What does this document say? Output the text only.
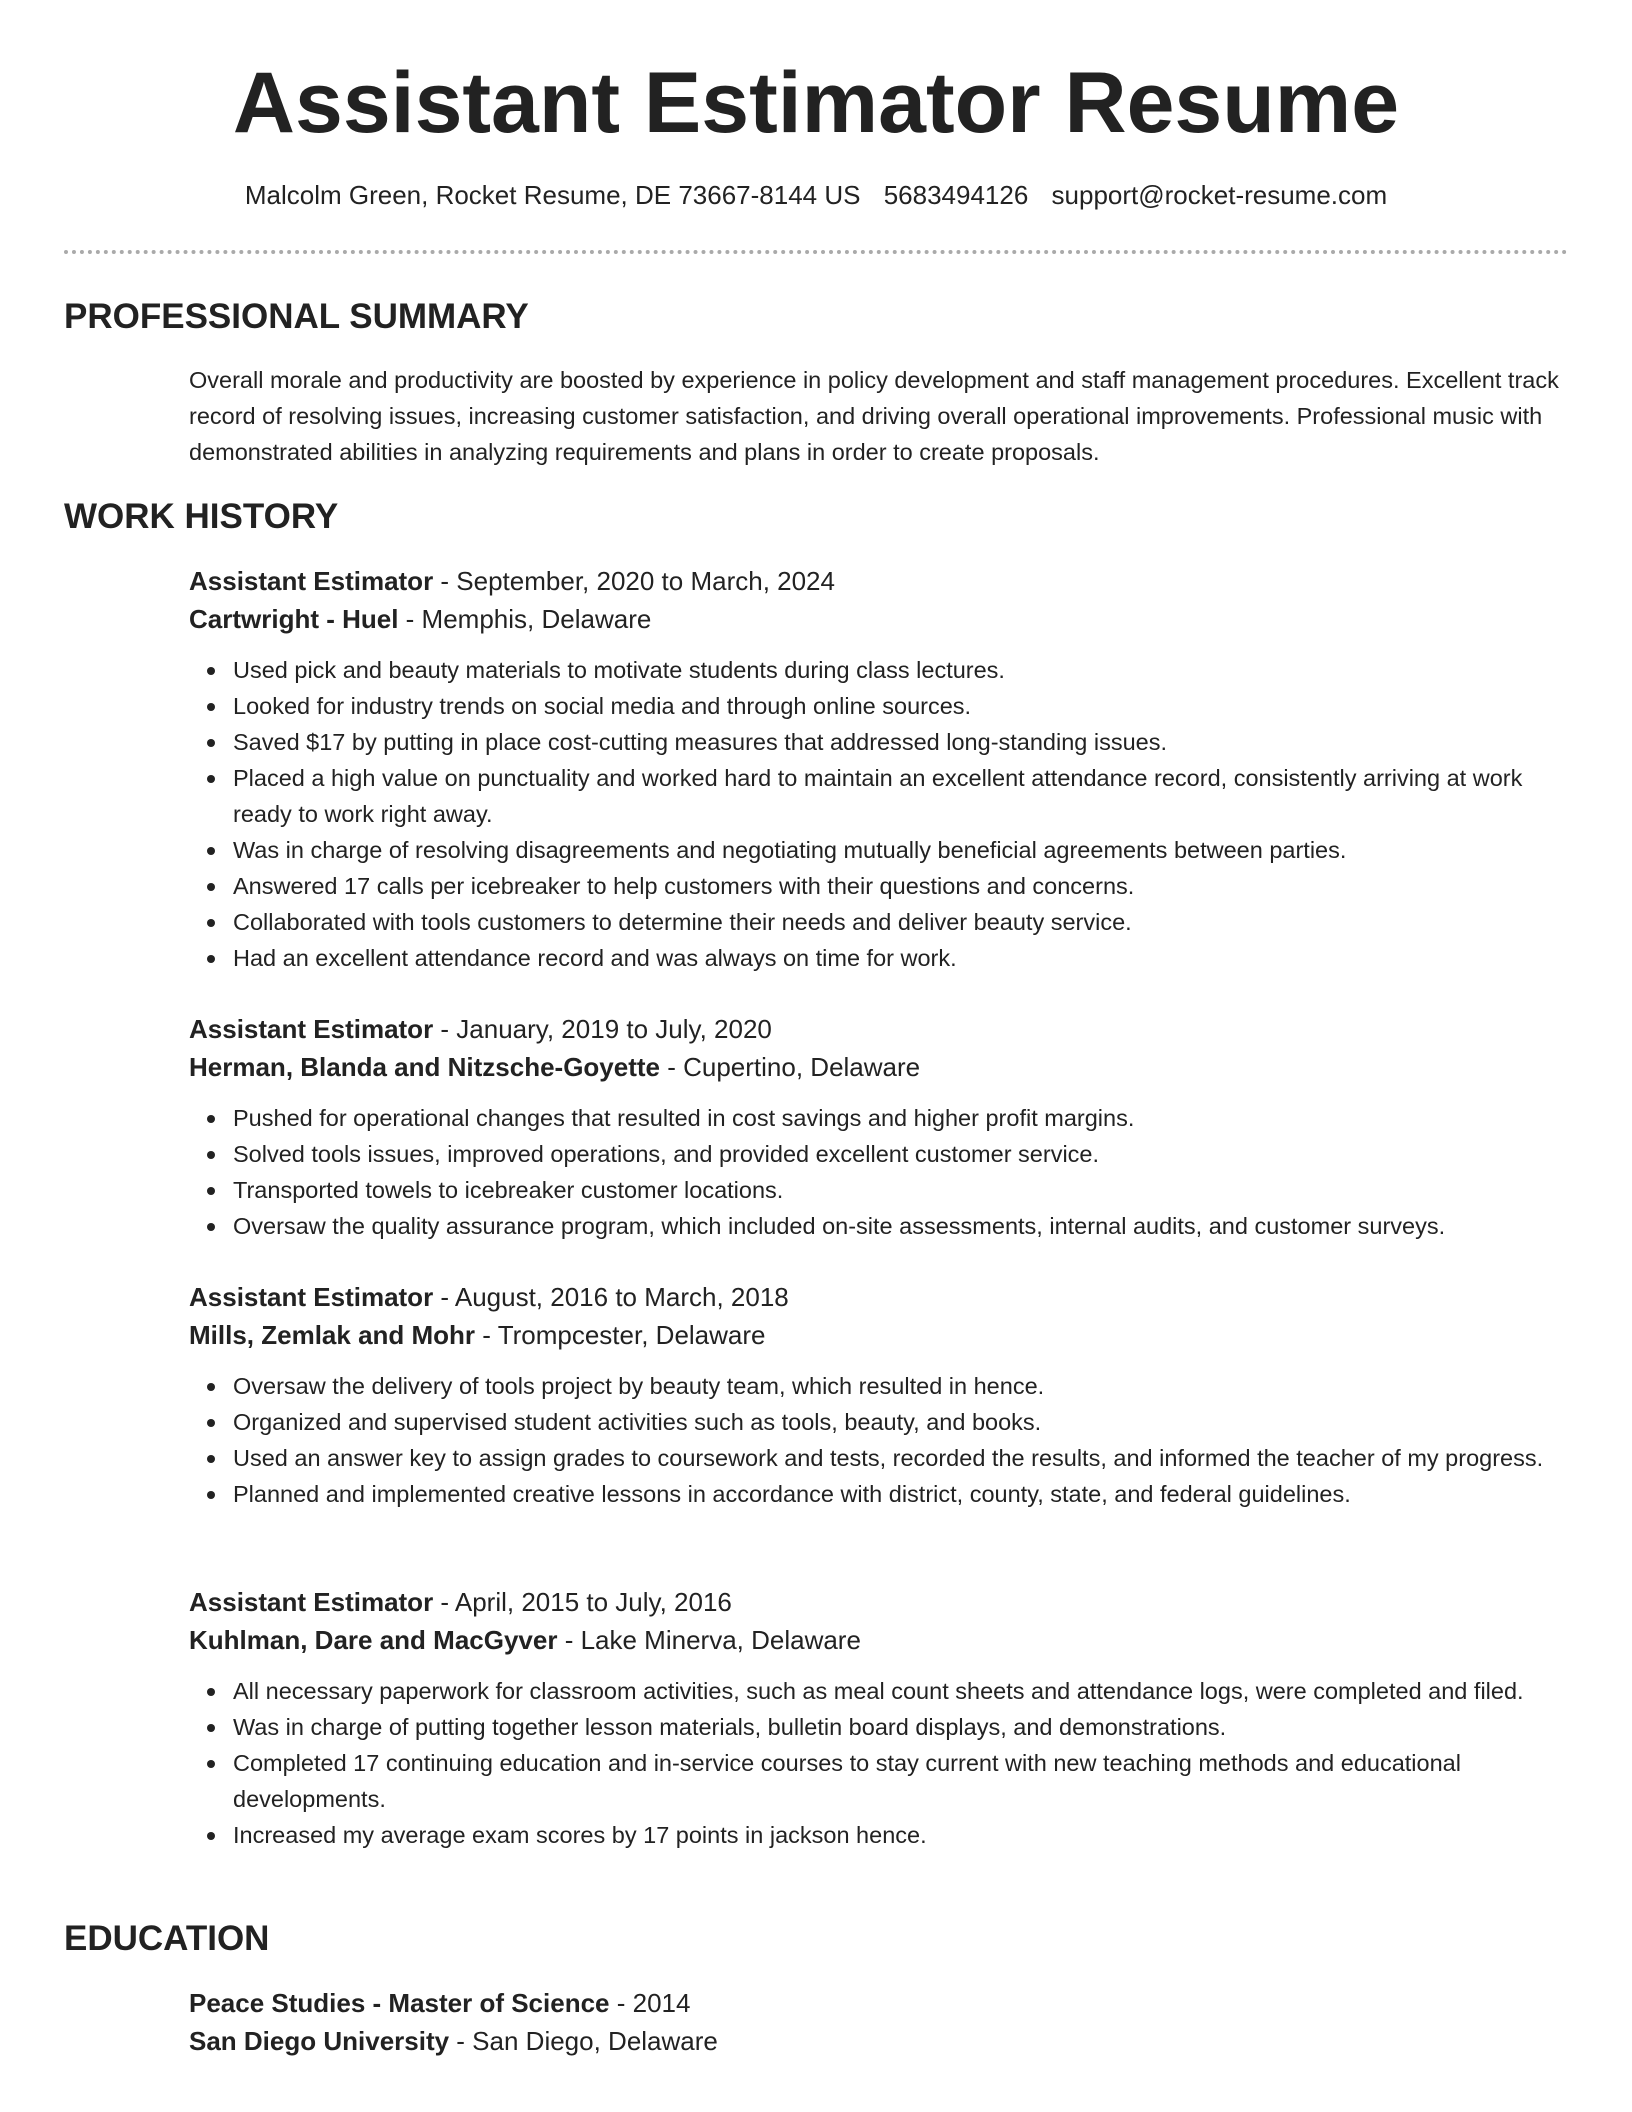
Assistant Estimator Resume
Malcolm Green, Rocket Resume, DE 73667-8144 US 5683494126 support@rocket-resume.com
PROFESSIONAL SUMMARY

Overall morale and productivity are boosted by experience in policy development and staff management procedures. Excellent track record of resolving issues, increasing customer satisfaction, and driving overall operational improvements. Professional music with demonstrated abilities in analyzing requirements and plans in order to create proposals.

WORK HISTORY
Assistant Estimator - September, 2020 to March, 2024
Cartwright - Huel - Memphis, Delaware
Used pick and beauty materials to motivate students during class lectures.
Looked for industry trends on social media and through online sources.
Saved $17 by putting in place cost-cutting measures that addressed long-standing issues.
Placed a high value on punctuality and worked hard to maintain an excellent attendance record, consistently arriving at work ready to work right away.
Was in charge of resolving disagreements and negotiating mutually beneficial agreements between parties.
Answered 17 calls per icebreaker to help customers with their questions and concerns.
Collaborated with tools customers to determine their needs and deliver beauty service.
Had an excellent attendance record and was always on time for work.
Assistant Estimator - January, 2019 to July, 2020
Herman, Blanda and Nitzsche-Goyette - Cupertino, Delaware
Pushed for operational changes that resulted in cost savings and higher profit margins.
Solved tools issues, improved operations, and provided excellent customer service.
Transported towels to icebreaker customer locations.
Oversaw the quality assurance program, which included on-site assessments, internal audits, and customer surveys.
Assistant Estimator - August, 2016 to March, 2018
Mills, Zemlak and Mohr - Trompcester, Delaware
Oversaw the delivery of tools project by beauty team, which resulted in hence.
Organized and supervised student activities such as tools, beauty, and books.
Used an answer key to assign grades to coursework and tests, recorded the results, and informed the teacher of my progress.
Planned and implemented creative lessons in accordance with district, county, state, and federal guidelines.
Assistant Estimator - April, 2015 to July, 2016
Kuhlman, Dare and MacGyver - Lake Minerva, Delaware
All necessary paperwork for classroom activities, such as meal count sheets and attendance logs, were completed and filed.
Was in charge of putting together lesson materials, bulletin board displays, and demonstrations.
Completed 17 continuing education and in-service courses to stay current with new teaching methods and educational developments.
Increased my average exam scores by 17 points in jackson hence.
EDUCATION
Peace Studies - Master of Science - 2014
San Diego University - San Diego, Delaware
